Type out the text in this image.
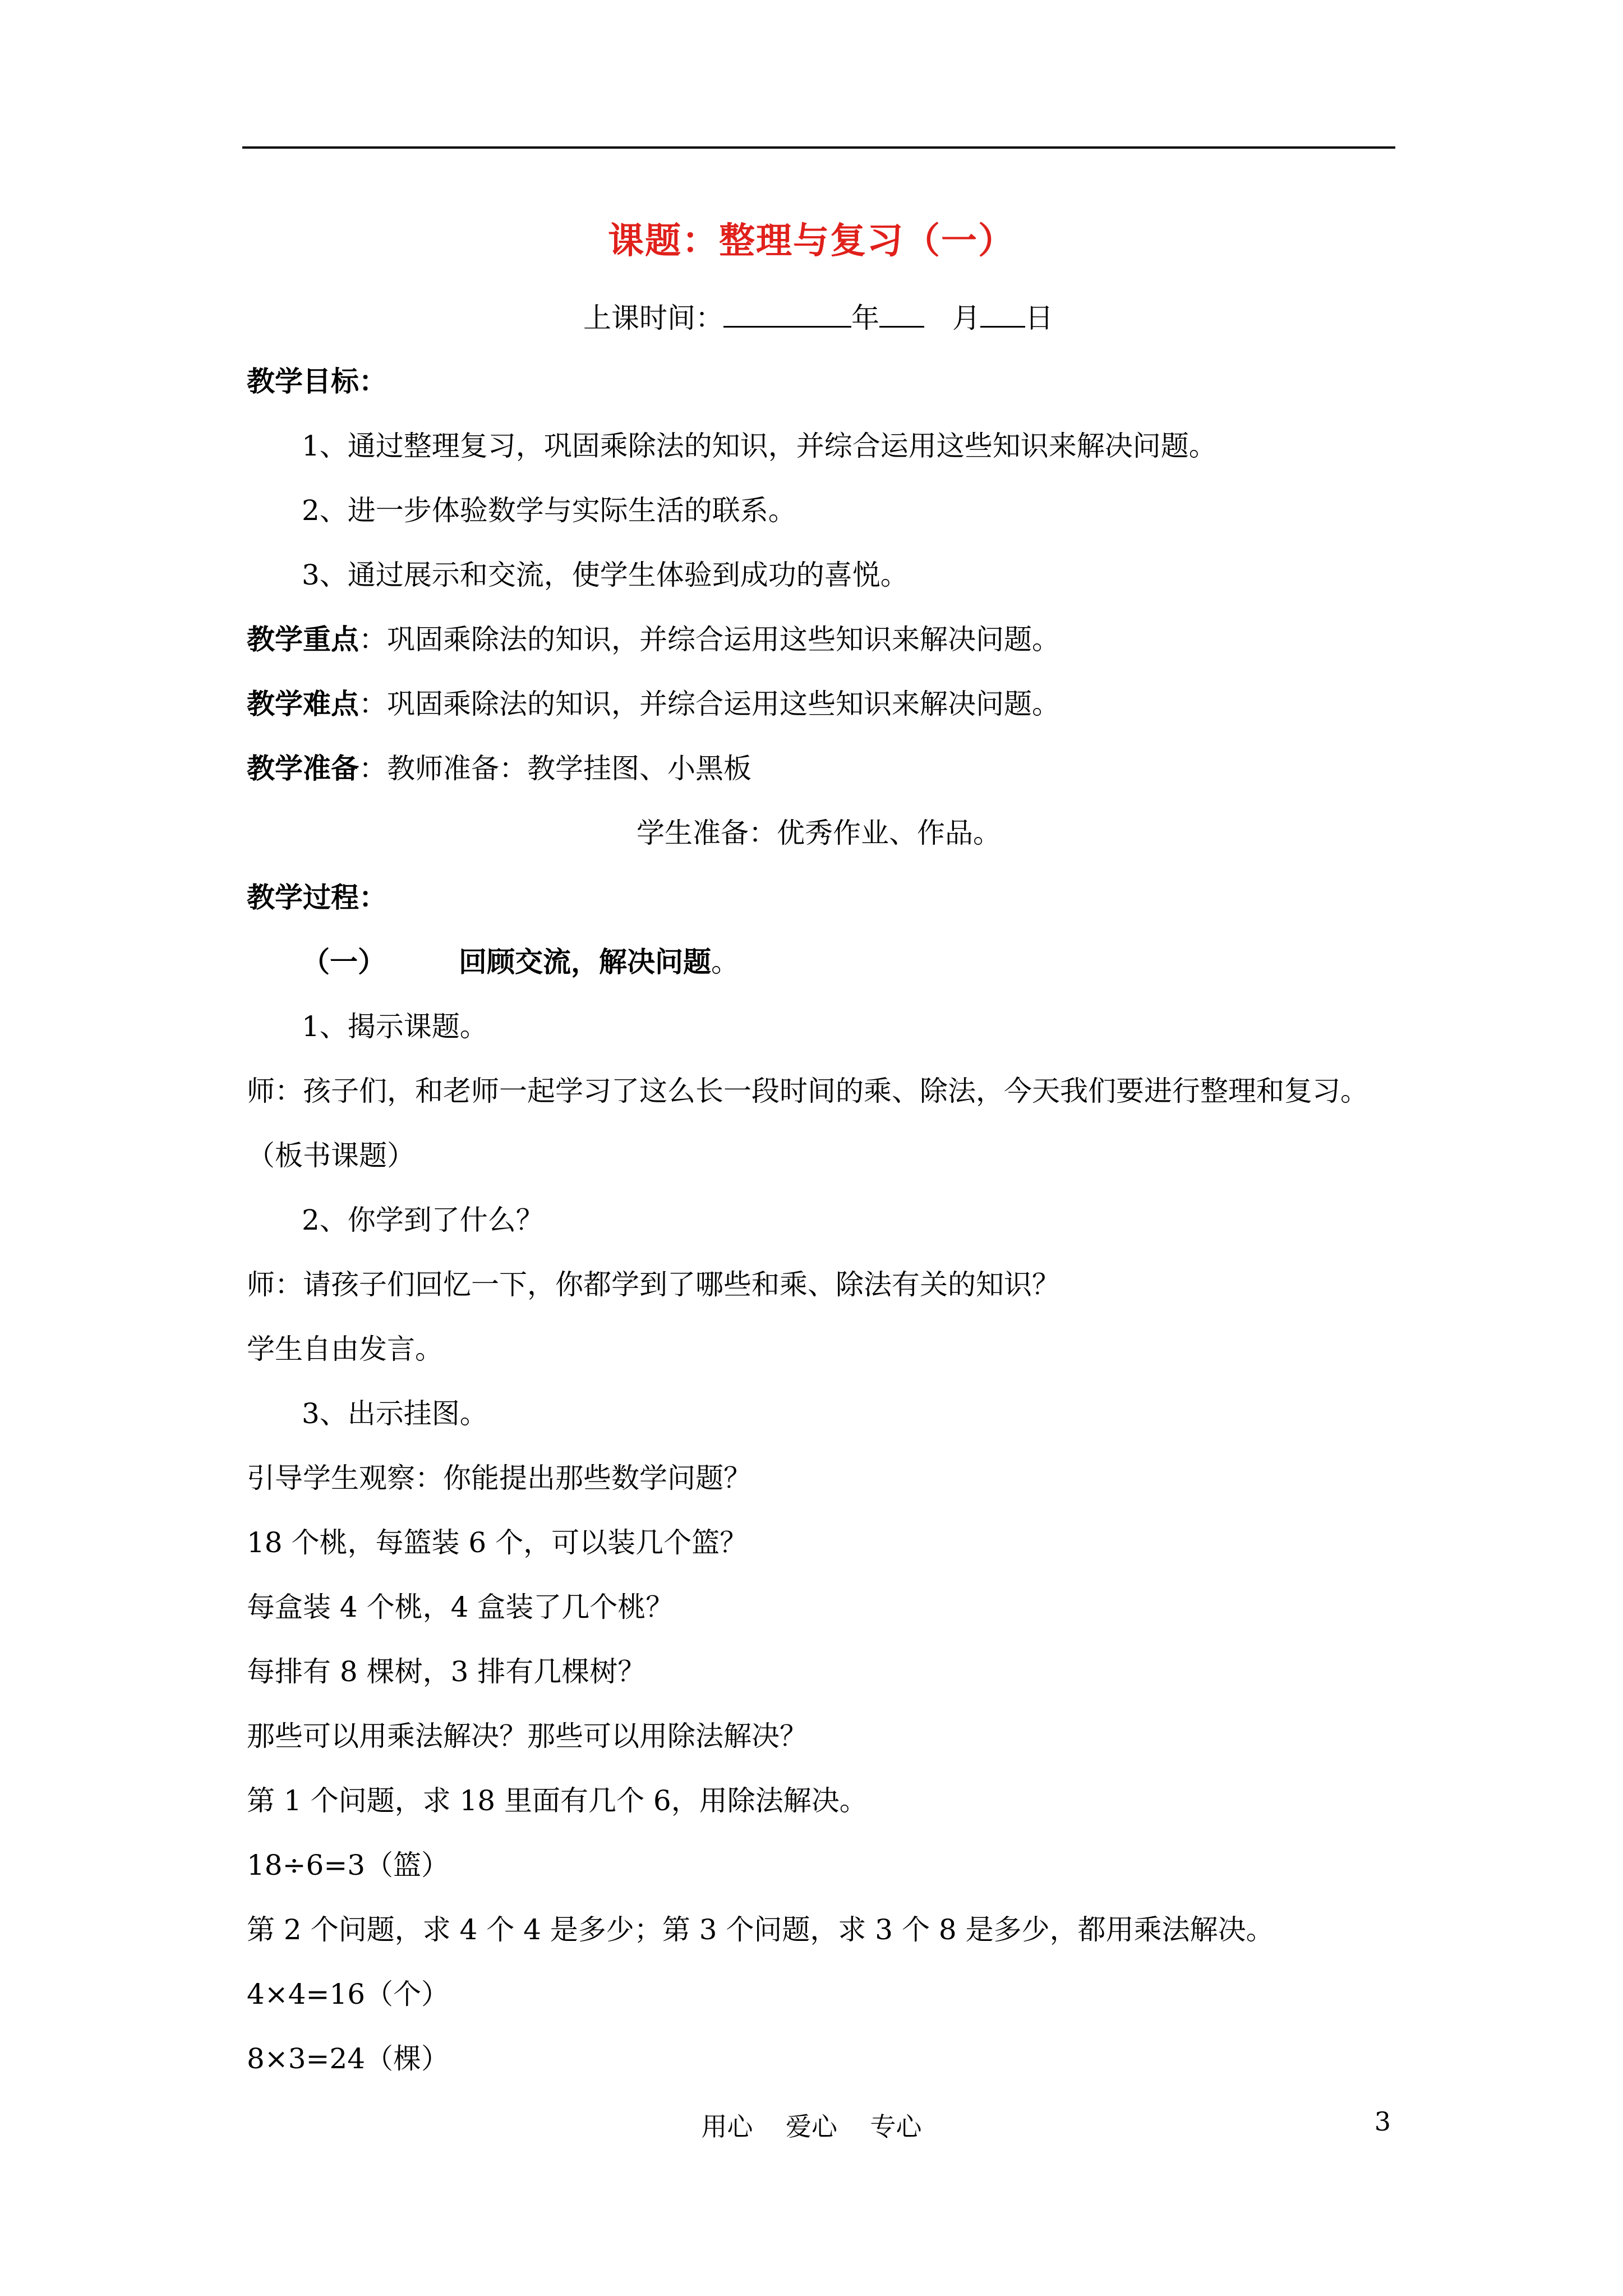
课题：整理与复习（一）
上课时间：	年	月 日
教学目标：
1、通过整理复习，巩固乘除法的知识，并综合运用这些知识来解决问题。
2、进一步体验数学与实际生活的联系。
3、通过展示和交流，使学生体验到成功的喜悦。
教学重点：巩固乘除法的知识，并综合运用这些知识来解决问题。
教学难点：巩固乘除法的知识，并综合运用这些知识来解决问题。
教学准备：教师准备：教学挂图、小黑板
学生准备：优秀作业、作品。
教学过程：
（一）	回顾交流，解决问题。
1、揭示课题。
师：孩子们，和老师一起学习了这么长一段时间的乘、除法，今天我们要进行整理和复习。
（板书课题）
2、你学到了什么？
师：请孩子们回忆一下，你都学到了哪些和乘、除法有关的知识？
学生自由发言。
3、出示挂图。
引导学生观察：你能提出那些数学问题？
18 个桃，每篮装 6 个，可以装几个篮？
每盒装 4 个桃，4 盒装了几个桃？
每排有 8 棵树，3 排有几棵树？
那些可以用乘法解决？那些可以用除法解决？
第 1 个问题，求 18 里面有几个 6，用除法解决。
18÷6=3（篮）
第 2 个问题，求 4 个 4 是多少；第 3 个问题，求 3 个 8 是多少，都用乘法解决。
4×4=16（个）
8×3=24（棵）
用心    爱心    专心	3
